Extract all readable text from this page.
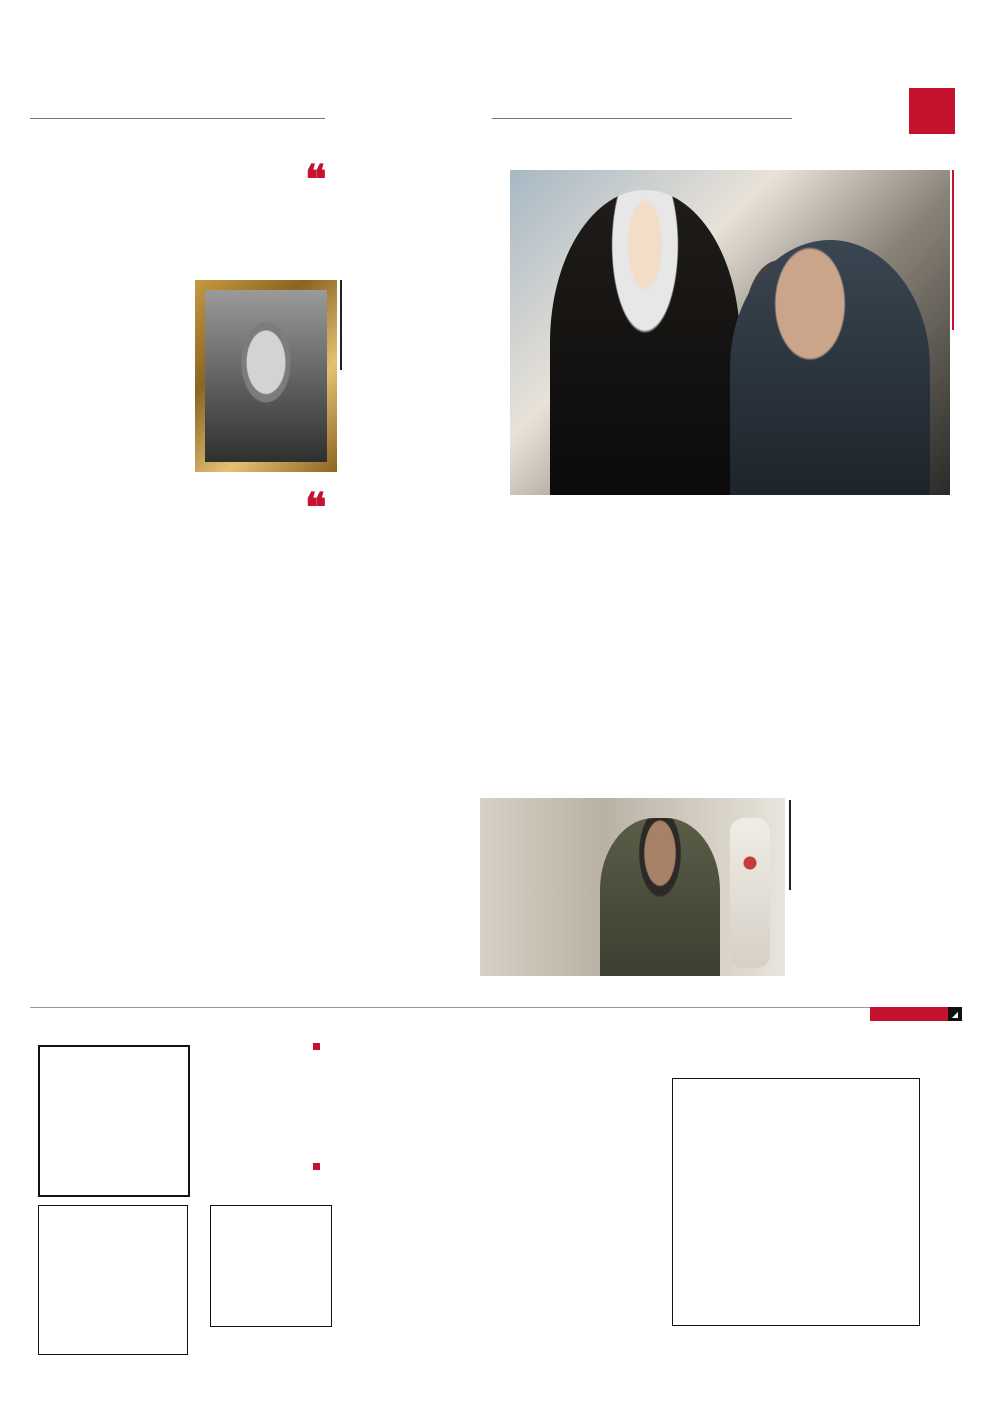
❝
❝

◢
